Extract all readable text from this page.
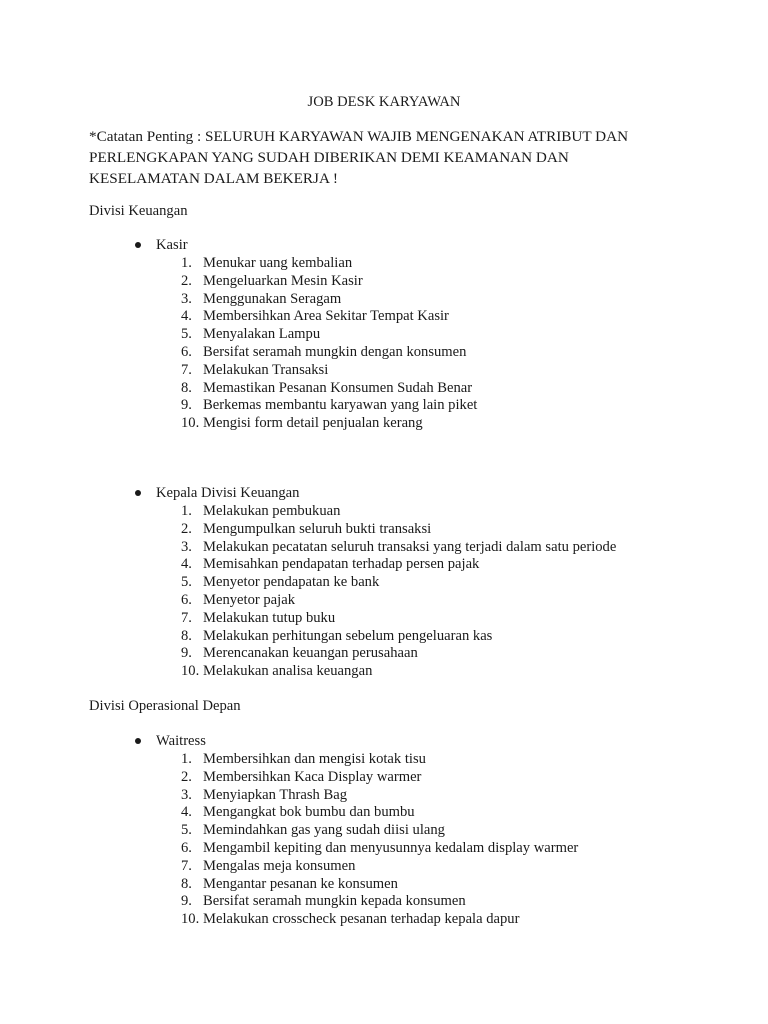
JOB DESK KARYAWAN
*Catatan Penting : SELURUH KARYAWAN WAJIB MENGENAKAN ATRIBUT DAN
PERLENGKAPAN YANG SUDAH DIBERIKAN DEMI KEAMANAN DAN
KESELAMATAN DALAM BEKERJA !
Divisi Keuangan
Kasir
1. Menukar uang kembalian
2. Mengeluarkan Mesin Kasir
3. Menggunakan Seragam
4. Membersihkan Area Sekitar Tempat Kasir
5. Menyalakan Lampu
6. Bersifat seramah mungkin dengan konsumen
7. Melakukan Transaksi
8. Memastikan Pesanan Konsumen Sudah Benar
9. Berkemas membantu karyawan yang lain piket
10. Mengisi form detail penjualan kerang
Kepala Divisi Keuangan
1. Melakukan pembukuan
2. Mengumpulkan seluruh bukti transaksi
3. Melakukan pecatatan seluruh transaksi yang terjadi dalam satu periode
4. Memisahkan pendapatan terhadap persen pajak
5. Menyetor pendapatan ke bank
6. Menyetor pajak
7. Melakukan tutup buku
8. Melakukan perhitungan sebelum pengeluaran kas
9. Merencanakan keuangan perusahaan
10. Melakukan analisa keuangan
Divisi Operasional Depan
Waitress
1. Membersihkan dan mengisi kotak tisu
2. Membersihkan Kaca Display warmer
3. Menyiapkan Thrash Bag
4. Mengangkat bok bumbu dan bumbu
5. Memindahkan gas yang sudah diisi ulang
6. Mengambil kepiting dan menyusunnya kedalam display warmer
7. Mengalas meja konsumen
8. Mengantar pesanan ke konsumen
9. Bersifat seramah mungkin kepada konsumen
10. Melakukan crosscheck pesanan terhadap kepala dapur
